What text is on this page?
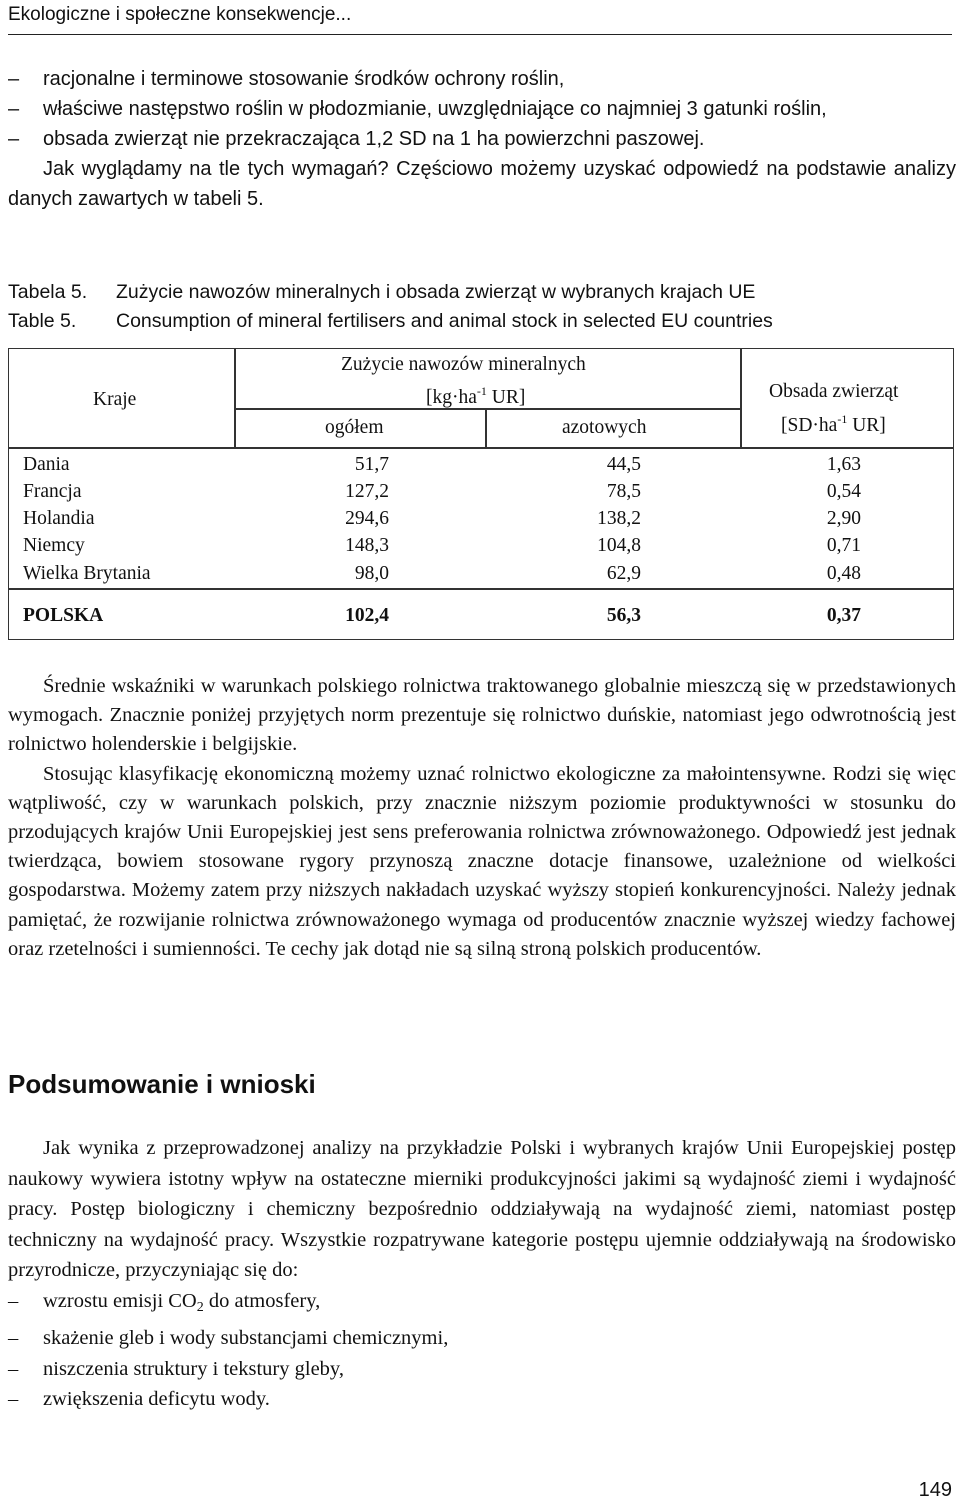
Ekologiczne i społeczne konsekwencje...
– racjonalne i terminowe stosowanie środków ochrony roślin,
– właściwe następstwo roślin w płodozmianie, uwzględniające co najmniej 3 gatunki roślin,
– obsada zwierząt nie przekraczająca 1,2 SD na 1 ha powierzchni paszowej.
Jak wyglądamy na tle tych wymagań? Częściowo możemy uzyskać odpowiedź na podstawie analizy danych zawartych w tabeli 5.
Tabela 5. Zużycie nawozów mineralnych i obsada zwierząt w wybranych krajach UE
Table 5. Consumption of mineral fertilisers and animal stock in selected EU countries
Kraje
Zużycie nawozów mineralnych
[$kg\cdot ha^{-1}$ UR]
ogółem	azotowych
Obsada zwierząt
[$SD\cdot ha^{-1}$ UR]
Dania	51,7	44,5	1,63
Francja	127,2	78,5	0,54
Holandia	294,6	138,2	2,90
Niemcy	148,3	104,8	0,71
Wielka Brytania	98,0	62,9	0,48
POLSKA	102,4	56,3	0,37
Średnie wskaźniki w warunkach polskiego rolnictwa traktowanego globalnie mieszczą się w przedstawionych wymogach. Znacznie poniżej przyjętych norm prezentuje się rolnictwo duńskie, natomiast jego odwrotnością jest rolnictwo holenderskie i belgijskie.
Stosując klasyfikację ekonomiczną możemy uznać rolnictwo ekologiczne za małointensywne. Rodzi się więc wątpliwość, czy w warunkach polskich, przy znacznie niższym poziomie produktywności w stosunku do przodujących krajów Unii Europejskiej jest sens preferowania rolnictwa zrównoważonego. Odpowiedź jest jednak twierdząca, bowiem stosowane rygory przynoszą znaczne dotacje finansowe, uzależnione od wielkości gospodarstwa. Możemy zatem przy niższych nakładach uzyskać wyższy stopień konkurencyjności. Należy jednak pamiętać, że rozwijanie rolnictwa zrównoważonego wymaga od producentów znacznie wyższej wiedzy fachowej oraz rzetelności i sumienności. Te cechy jak dotąd nie są silną stroną polskich producentów.
Podsumowanie i wnioski
Jak wynika z przeprowadzonej analizy na przykładzie Polski i wybranych krajów Unii Europejskiej postęp naukowy wywiera istotny wpływ na ostateczne mierniki produkcyjności jakimi są wydajność ziemi i wydajność pracy. Postęp biologiczny i chemiczny bezpośrednio oddziaływają na wydajność ziemi, natomiast postęp techniczny na wydajność pracy. Wszystkie rozpatrywane kategorie postępu ujemnie oddziaływają na środowisko przyrodnicze, przyczyniając się do:
– wzrostu emisji $CO_2$ do atmosfery,
– skażenie gleb i wody substancjami chemicznymi,
– niszczenia struktury i tekstury gleby,
– zwiększenia deficytu wody.
149
